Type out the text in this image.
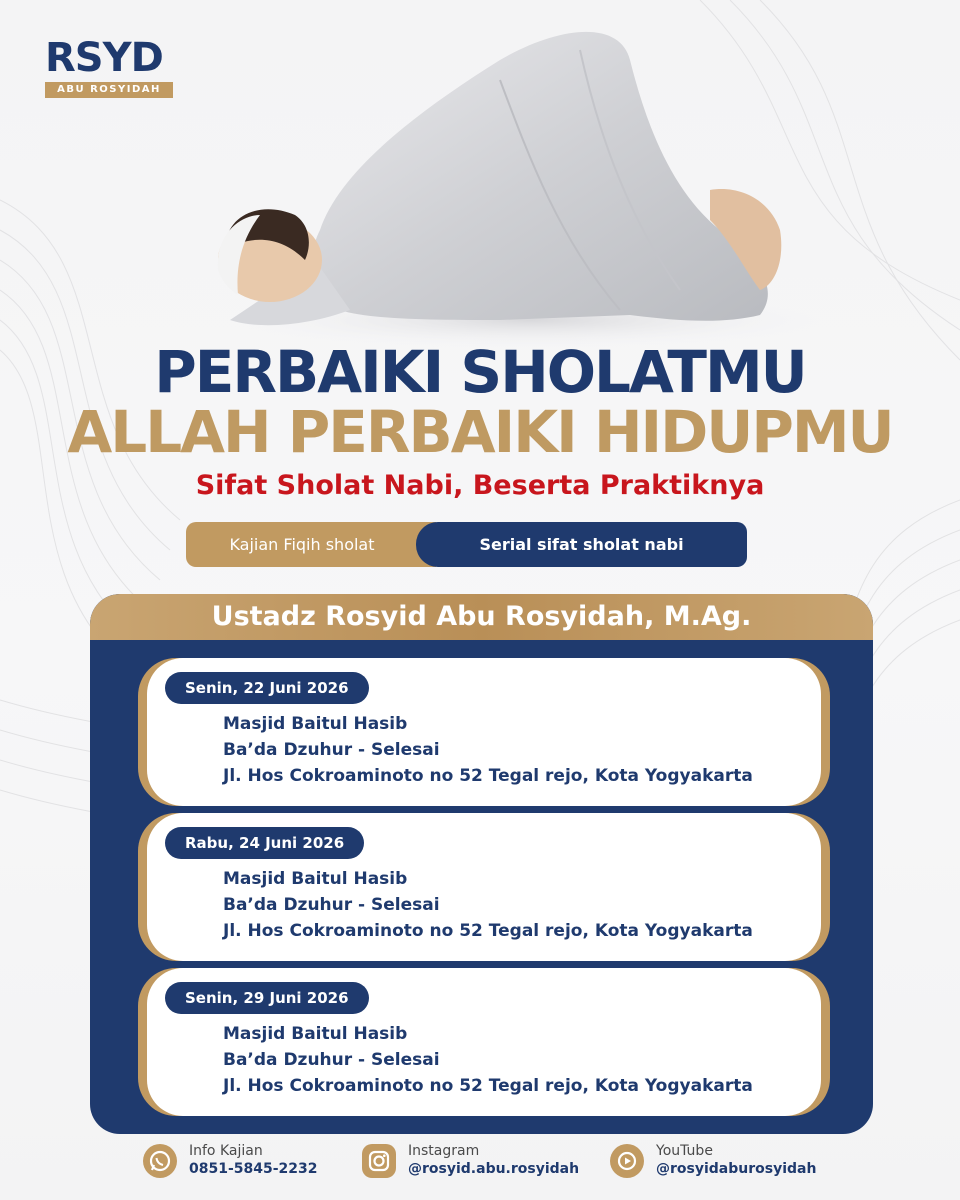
RSYD
ABU ROSYIDAH
PERBAIKI SHOLATMU
ALLAH PERBAIKI HIDUPMU
Sifat Sholat Nabi, Beserta Praktiknya
Kajian Fiqih sholat	Serial sifat sholat nabi
Ustadz Rosyid Abu Rosyidah, M.Ag.
Senin, 22 Juni 2026
Masjid Baitul Hasib
Ba’da Dzuhur - Selesai
Jl. Hos Cokroaminoto no 52 Tegal rejo, Kota Yogyakarta
Rabu, 24 Juni 2026
Masjid Baitul Hasib
Ba’da Dzuhur - Selesai
Jl. Hos Cokroaminoto no 52 Tegal rejo, Kota Yogyakarta
Senin, 29 Juni 2026
Masjid Baitul Hasib
Ba’da Dzuhur - Selesai
Jl. Hos Cokroaminoto no 52 Tegal rejo, Kota Yogyakarta
Info Kajian
0851-5845-2232
Instagram
@rosyid.abu.rosyidah
YouTube
@rosyidaburosyidah
